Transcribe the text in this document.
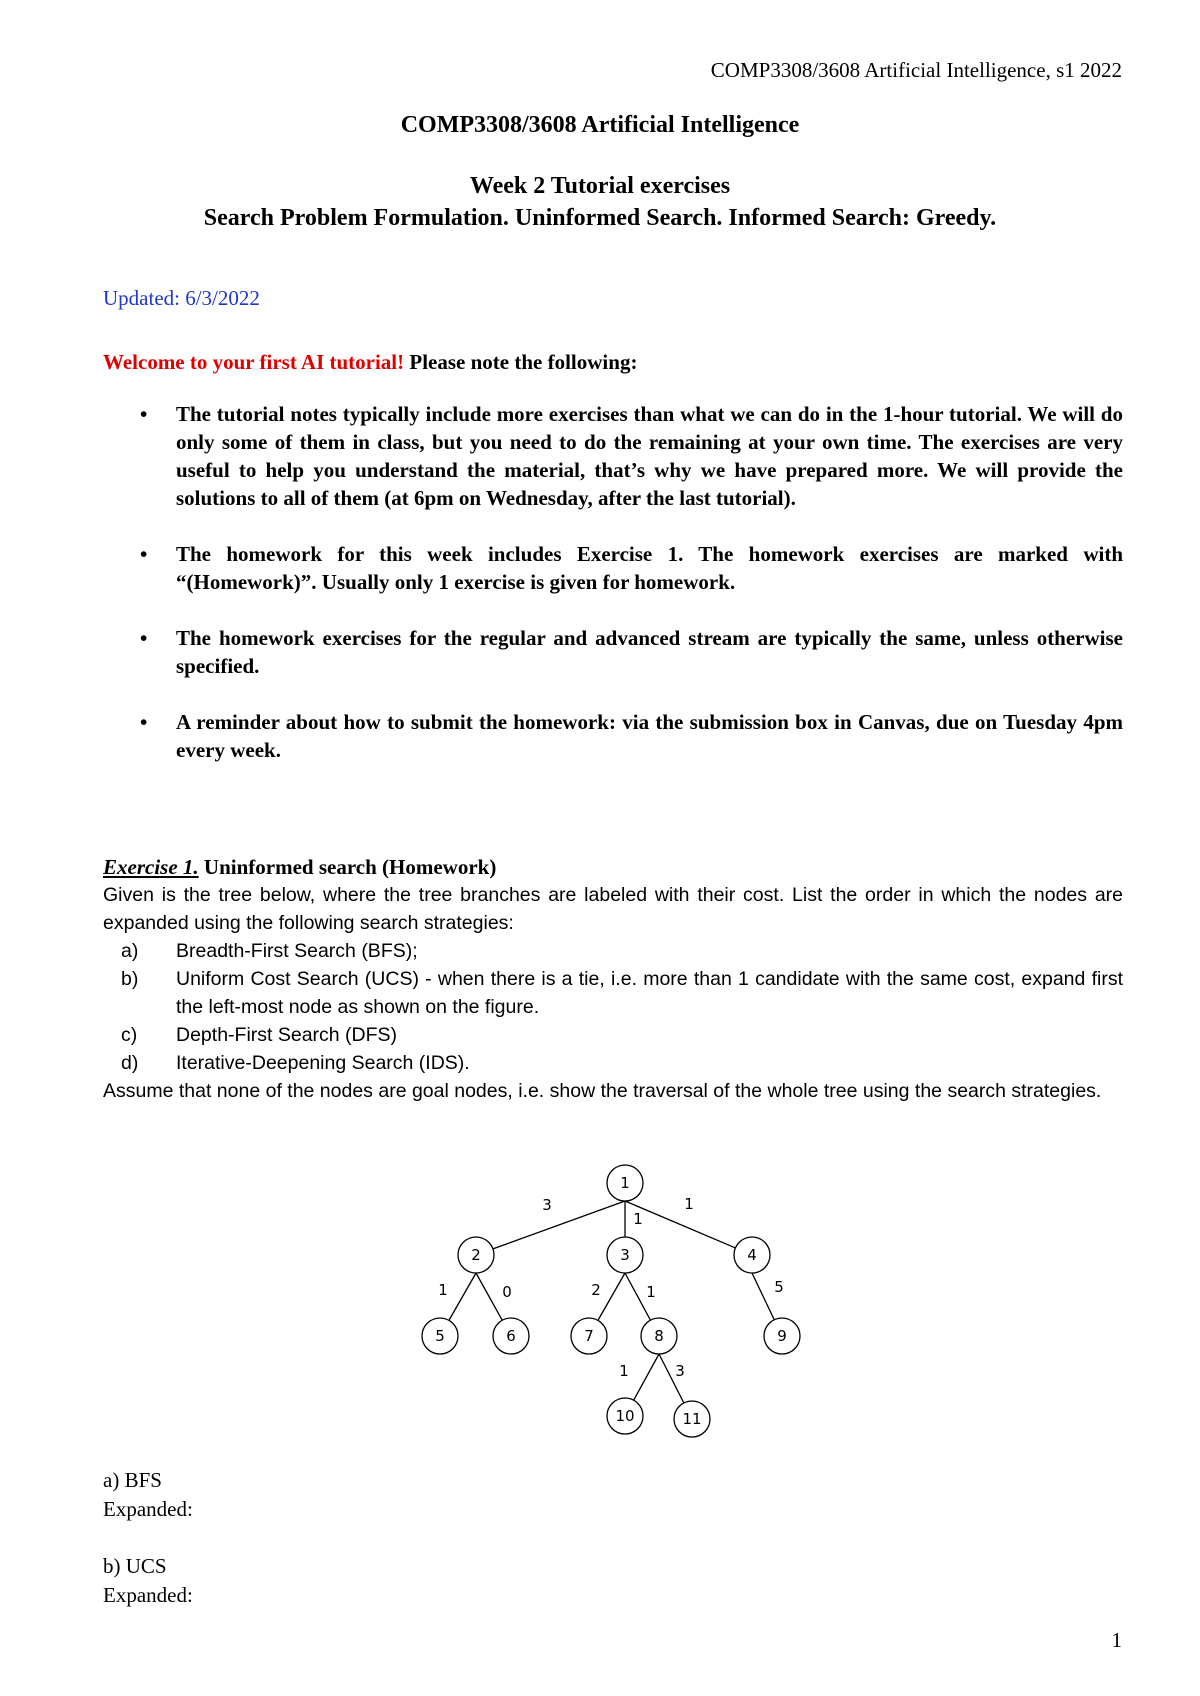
COMP3308/3608 Artificial Intelligence, s1 2022
COMP3308/3608 Artificial Intelligence
Week 2 Tutorial exercises
Search Problem Formulation. Uninformed Search. Informed Search: Greedy.
Updated: 6/3/2022
Welcome to your first AI tutorial! Please note the following:
• The tutorial notes typically include more exercises than what we can do in the 1-hour tutorial. We will do only some of them in class, but you need to do the remaining at your own time. The exercises are very useful to help you understand the material, that’s why we have prepared more. We will provide the solutions to all of them (at 6pm on Wednesday, after the last tutorial).
• The homework for this week includes Exercise 1. The homework exercises are marked with “(Homework)”. Usually only 1 exercise is given for homework.
• The homework exercises for the regular and advanced stream are typically the same, unless otherwise specified.
• A reminder about how to submit the homework: via the submission box in Canvas, due on Tuesday 4pm every week.
Exercise 1. Uninformed search (Homework)

Given is the tree below, where the tree branches are labeled with their cost. List the order in which the nodes are expanded using the following search strategies:

a) Breadth-First Search (BFS);
b) Uniform Cost Search (UCS) - when there is a tie, i.e. more than 1 candidate with the same cost, expand first the left-most node as shown on the figure.
c) Depth-First Search (DFS)
d) Iterative-Deepening Search (IDS).

Assume that none of the nodes are goal nodes, i.e. show the traversal of the whole tree using the search strategies.

3
1
1
1	0	2	1	5
1	3
1
2	3	4
5	6	7	8	9
10	11
a) BFS
Expanded:
b) UCS
Expanded:
1
